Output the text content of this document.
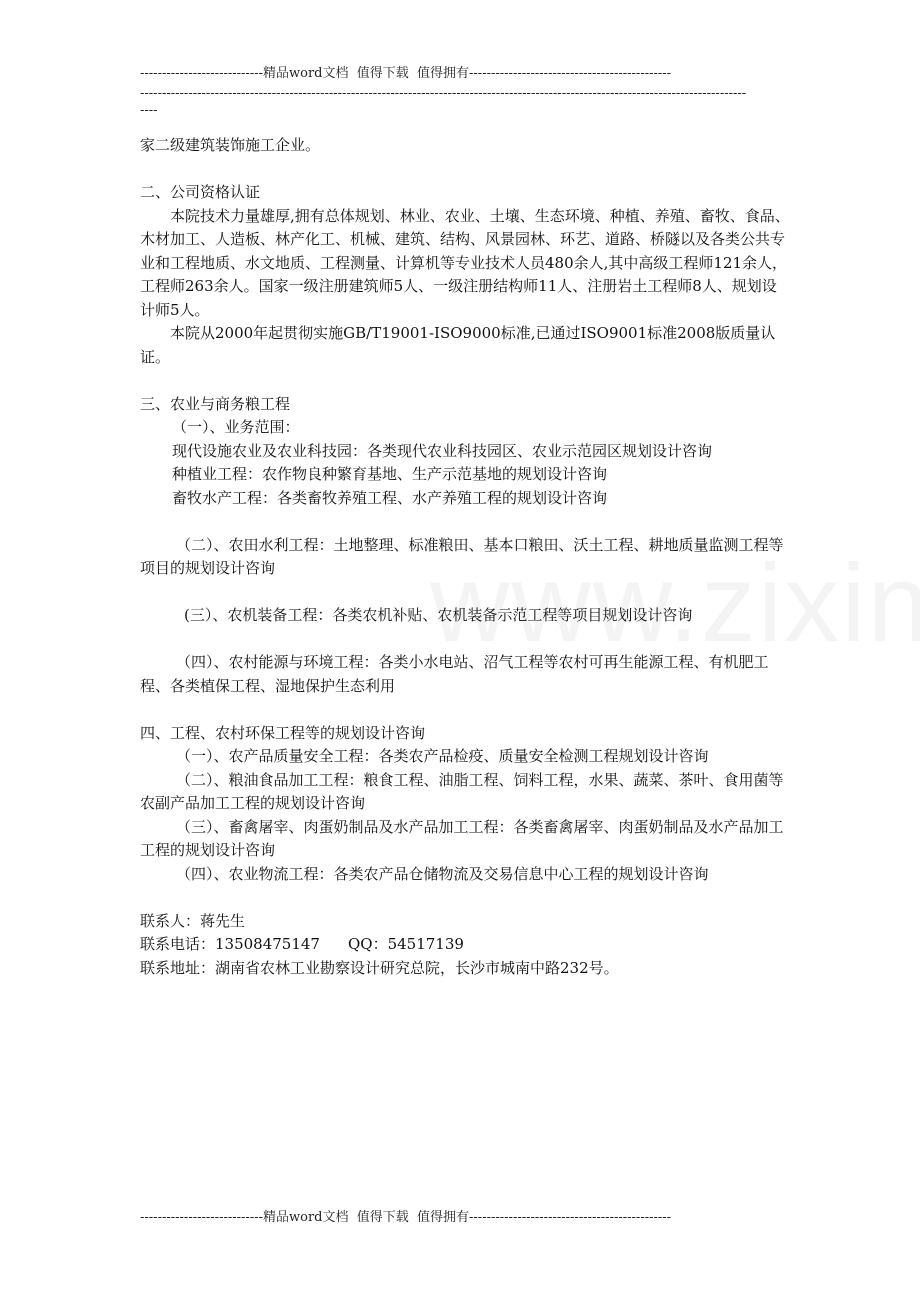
----------------------------精品word文档  值得下载  值得拥有----------------------------------------------
------------------------------------------------------------------------------------------------------------------------------------------
----

家二级建筑装饰施工企业。

二、公司资格认证

本院技术力量雄厚,拥有总体规划、林业、农业、土壤、生态环境、种植、养殖、畜牧、食品、木材加工、人造板、林产化工、机械、建筑、结构、风景园林、环艺、道路、桥隧以及各类公共专业和工程地质、水文地质、工程测量、计算机等专业技术人员480余人,其中高级工程师121余人，工程师263余人。国家一级注册建筑师5人、一级注册结构师11人、注册岩土工程师8人、规划设计师5人。

本院从2000年起贯彻实施GB/T19001-ISO9000标准,已通过ISO9001标准2008版质量认证。

三、农业与商务粮工程

（一）、业务范围：

现代设施农业及农业科技园：各类现代农业科技园区、农业示范园区规划设计咨询

种植业工程：农作物良种繁育基地、生产示范基地的规划设计咨询

畜牧水产工程：各类畜牧养殖工程、水产养殖工程的规划设计咨询

（二）、农田水利工程：土地整理、标准粮田、基本口粮田、沃土工程、耕地质量监测工程等项目的规划设计咨询

(三）、农机装备工程：各类农机补贴、农机装备示范工程等项目规划设计咨询

（四）、农村能源与环境工程：各类小水电站、沼气工程等农村可再生能源工程、有机肥工程、各类植保工程、湿地保护生态利用

四、工程、农村环保工程等的规划设计咨询

（一）、农产品质量安全工程：各类农产品检疫、质量安全检测工程规划设计咨询

（二）、粮油食品加工工程：粮食工程、油脂工程、饲料工程，水果、蔬菜、茶叶、食用菌等农副产品加工工程的规划设计咨询

（三）、畜禽屠宰、肉蛋奶制品及水产品加工工程：各类畜禽屠宰、肉蛋奶制品及水产品加工工程的规划设计咨询

（四）、农业物流工程：各类农产品仓储物流及交易信息中心工程的规划设计咨询

联系人：蒋先生

联系电话：13508475147 QQ：54517139

联系地址：湖南省农林工业勘察设计研究总院，长沙市城南中路232号。

----------------------------精品word文档  值得下载  值得拥有----------------------------------------------
